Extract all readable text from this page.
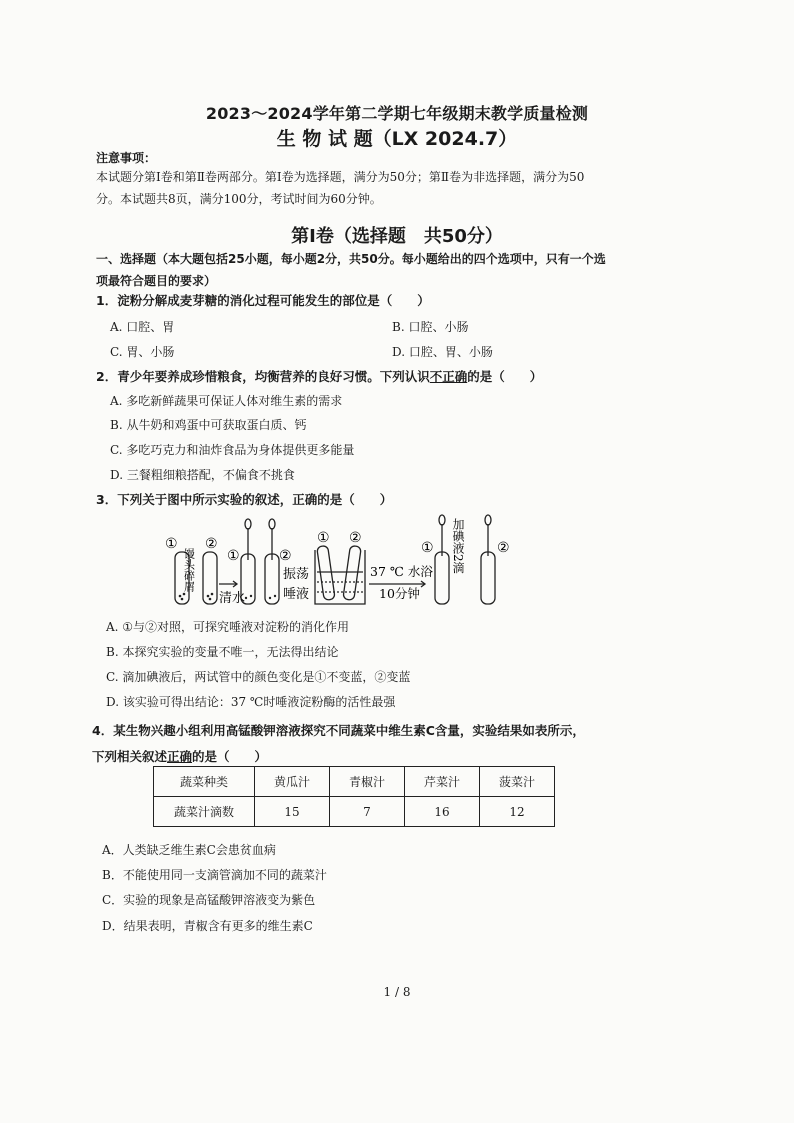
2023～2024学年第二学期七年级期末教学质量检测
生 物 试 题（LX 2024.7）
注意事项：
本试题分第Ⅰ卷和第Ⅱ卷两部分。第Ⅰ卷为选择题，满分为50分；第Ⅱ卷为非选择题，满分为50分。本试题共8页，满分100分，考试时间为60分钟。
第Ⅰ卷（选择题　共50分）
一、选择题（本大题包括25小题，每小题2分，共50分。每小题给出的四个选项中，只有一个选项最符合题目的要求）
1．淀粉分解成麦芽糖的消化过程可能发生的部位是（　　）
A. 口腔、胃	B. 口腔、小肠
C. 胃、小肠	D. 口腔、胃、小肠
2．青少年要养成珍惜粮食，均衡营养的良好习惯。下列认识不正确的是（　　）
A. 多吃新鲜蔬果可保证人体对维生素的需求
B. 从牛奶和鸡蛋中可获取蛋白质、钙
C. 多吃巧克力和油炸食品为身体提供更多能量
D. 三餐粗细粮搭配，不偏食不挑食
3．下列关于图中所示实验的叙述，正确的是（　　）
① ②
馒头碎屑
清水
①	②
振荡
唾液
① ②
37 ℃ 水浴
10分钟
①	②
加碘液2滴
A. ①与②对照，可探究唾液对淀粉的消化作用
B. 本探究实验的变量不唯一，无法得出结论
C. 滴加碘液后，两试管中的颜色变化是①不变蓝，②变蓝
D. 该实验可得出结论：37 ℃时唾液淀粉酶的活性最强
4．某生物兴趣小组利用高锰酸钾溶液探究不同蔬菜中维生素C含量，实验结果如表所示，
下列相关叙述正确的是（　　）
蔬菜种类	黄瓜汁	青椒汁	芹菜汁	菠菜汁
蔬菜汁滴数	15	7	16	12
A．人类缺乏维生素C会患贫血病
B．不能使用同一支滴管滴加不同的蔬菜汁
C．实验的现象是高锰酸钾溶液变为紫色
D．结果表明，青椒含有更多的维生素C
1 / 8
